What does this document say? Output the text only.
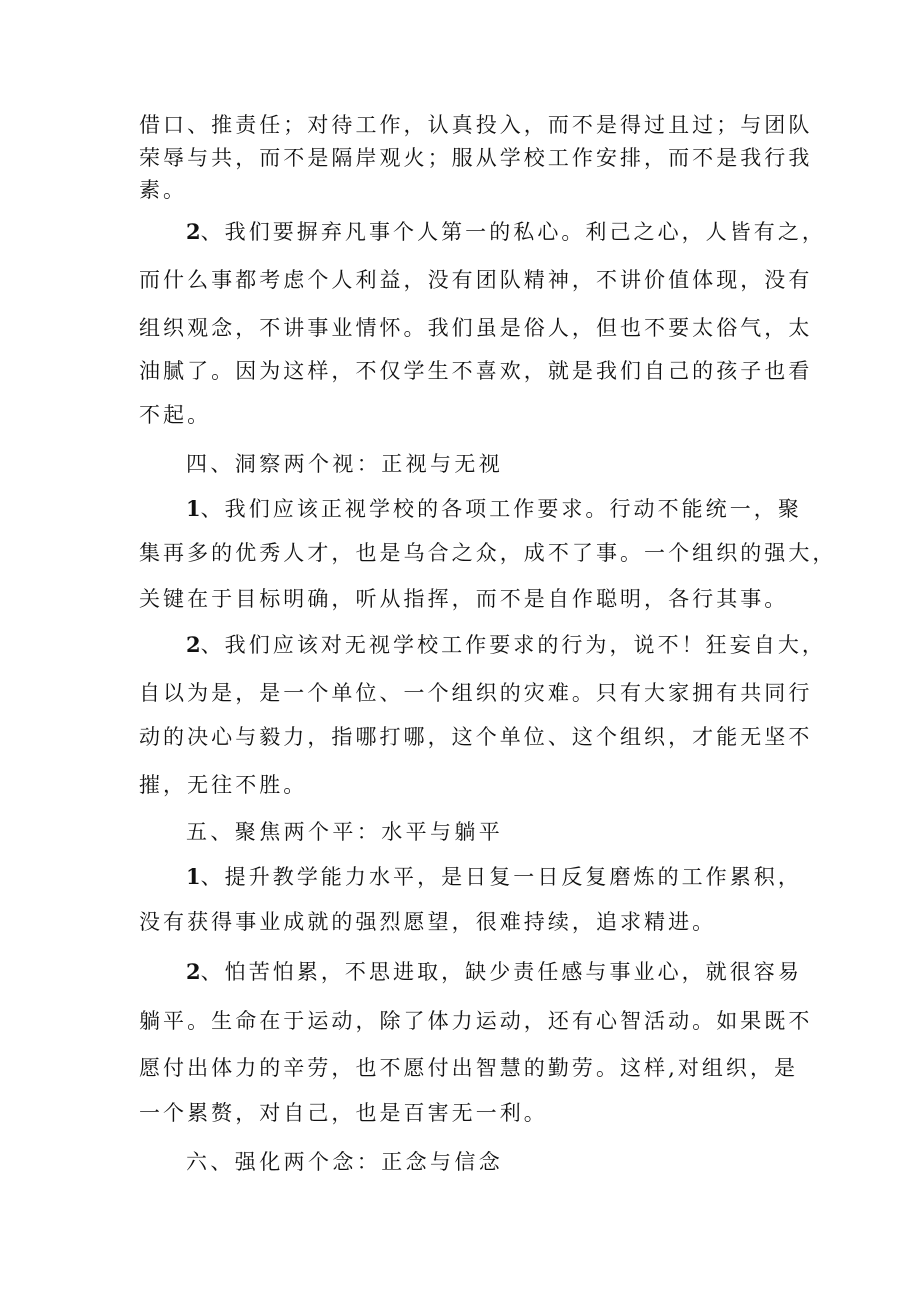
借口、推责任；对待工作，认真投入，而不是得过且过；与团队
荣辱与共，而不是隔岸观火；服从学校工作安排，而不是我行我
素。
2、我们要摒弃凡事个人第一的私心。利己之心，人皆有之，
而什么事都考虑个人利益，没有团队精神，不讲价值体现，没有
组织观念，不讲事业情怀。我们虽是俗人，但也不要太俗气，太
油腻了。因为这样，不仅学生不喜欢，就是我们自己的孩子也看
不起。
四、洞察两个视：正视与无视
1、我们应该正视学校的各项工作要求。行动不能统一，聚
集再多的优秀人才，也是乌合之众，成不了事。一个组织的强大，
关键在于目标明确，听从指挥，而不是自作聪明，各行其事。
2、我们应该对无视学校工作要求的行为，说不！狂妄自大，
自以为是，是一个单位、一个组织的灾难。只有大家拥有共同行
动的决心与毅力，指哪打哪，这个单位、这个组织，才能无坚不
摧，无往不胜。
五、聚焦两个平：水平与躺平
1、提升教学能力水平，是日复一日反复磨炼的工作累积，
没有获得事业成就的强烈愿望，很难持续，追求精进。
2、怕苦怕累，不思进取，缺少责任感与事业心，就很容易
躺平。生命在于运动，除了体力运动，还有心智活动。如果既不
愿付出体力的辛劳，也不愿付出智慧的勤劳。这样,对组织，是
一个累赘，对自己，也是百害无一利。
六、强化两个念：正念与信念
